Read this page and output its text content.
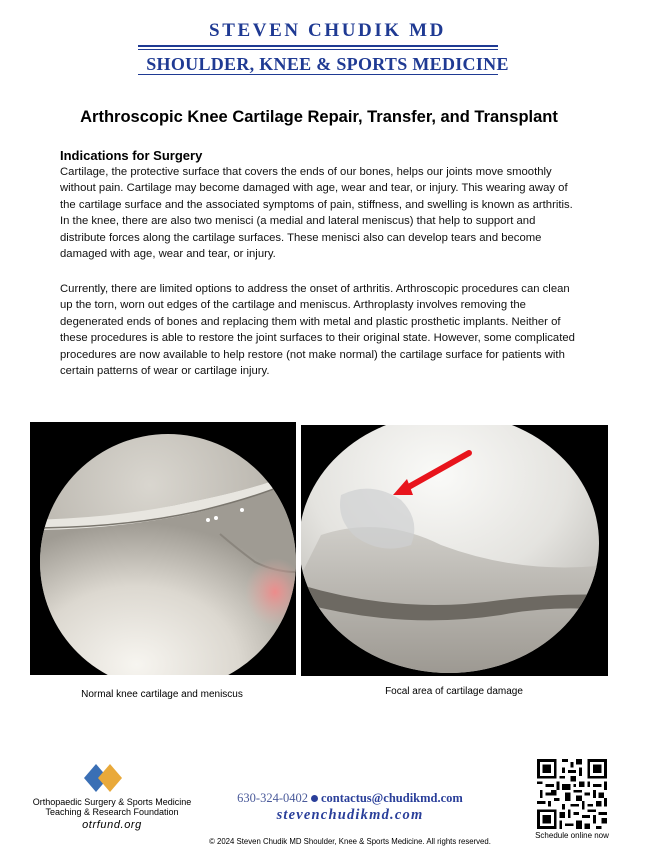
STEVEN CHUDIK MD
SHOULDER, KNEE & SPORTS MEDICINE
Arthroscopic Knee Cartilage Repair, Transfer, and Transplant
Indications for Surgery

Cartilage, the protective surface that covers the ends of our bones, helps our joints move smoothly without pain. Cartilage may become damaged with age, wear and tear, or injury. This wearing away of the cartilage surface and the associated symptoms of pain, stiffness, and swelling is known as arthritis. In the knee, there are also two menisci (a medial and lateral meniscus) that help to support and distribute forces along the cartilage surfaces. These menisci also can develop tears and become damaged with age, wear and tear, or injury.

Currently, there are limited options to address the onset of arthritis. Arthroscopic procedures can clean up the torn, worn out edges of the cartilage and meniscus. Arthroplasty involves removing the degenerated ends of bones and replacing them with metal and plastic prosthetic implants. Neither of these procedures is able to restore the joint surfaces to their original state. However, some complicated procedures are now available to help restore (not make normal) the cartilage surface for patients with certain patterns of wear or cartilage injury.

Normal knee cartilage and meniscus	Focal area of cartilage damage
Orthopaedic Surgery & Sports Medicine
Teaching & Research Foundation
otrfund.org
630-324-0402 contactus@chudikmd.com
stevenchudikmd.com
© 2024 Steven Chudik MD Shoulder, Knee & Sports Medicine. All rights reserved.
Schedule online now
